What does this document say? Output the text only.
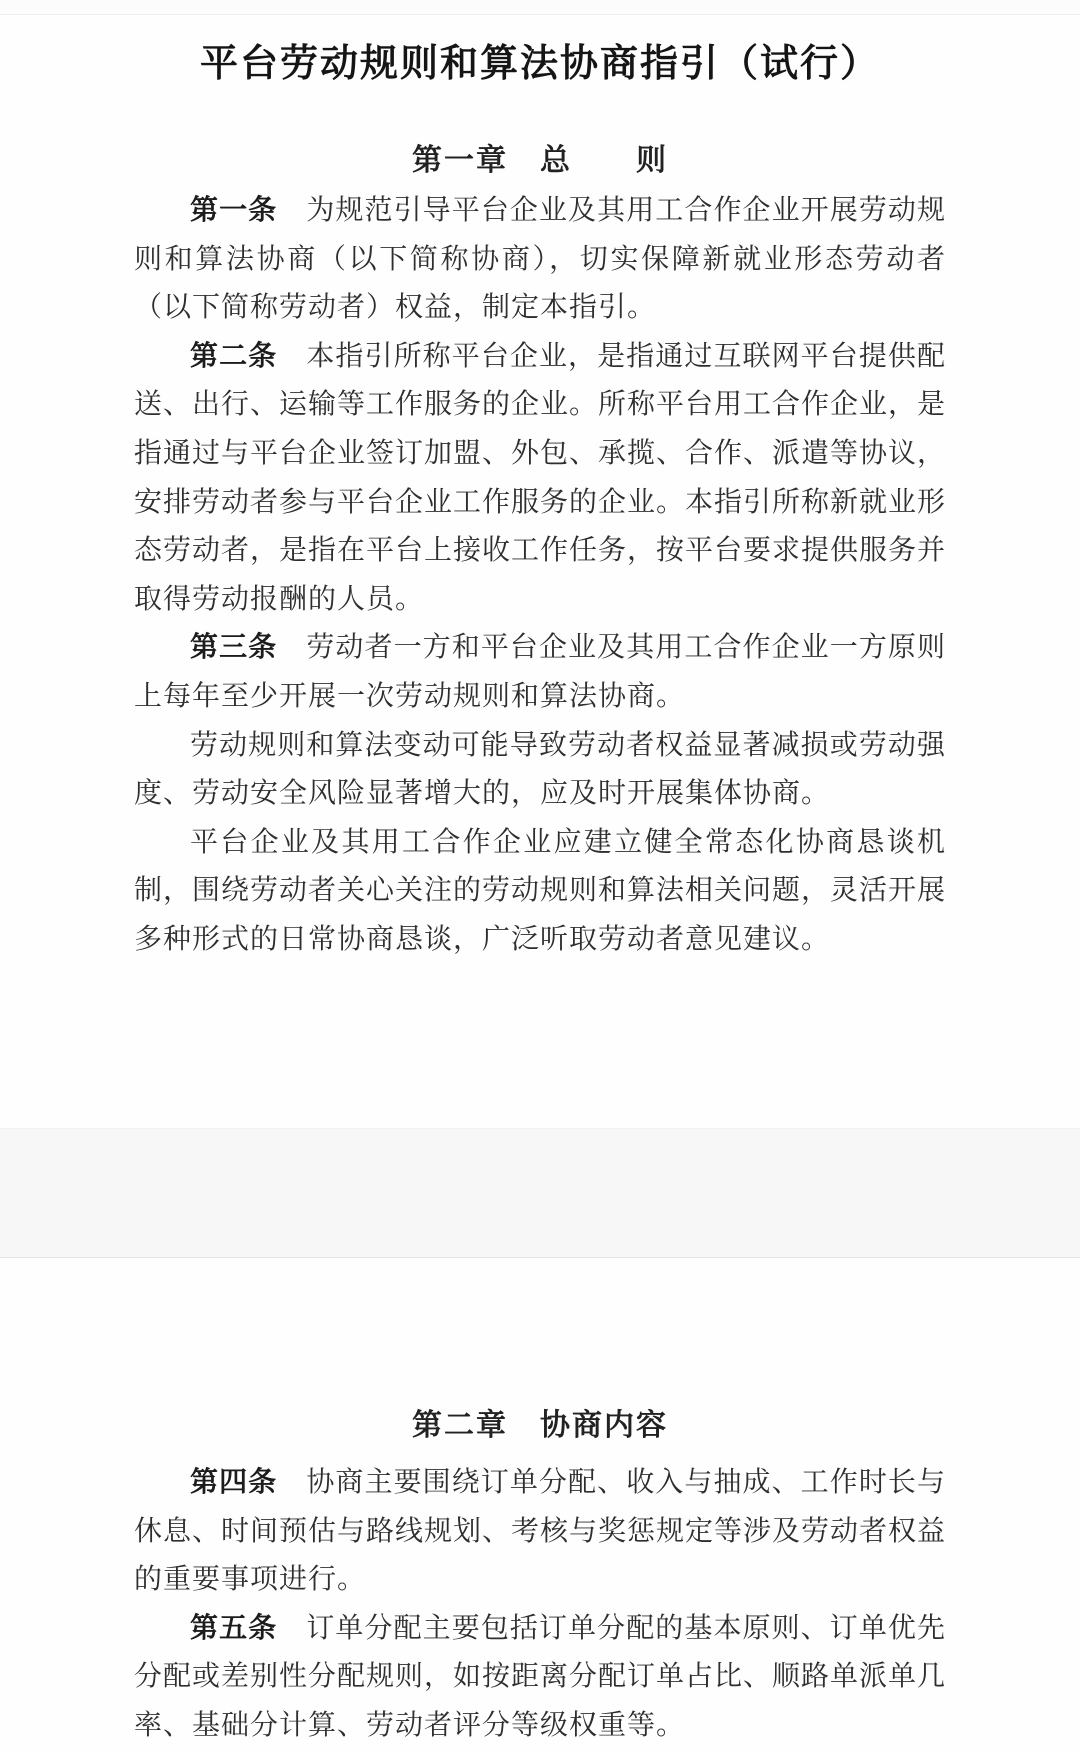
平台劳动规则和算法协商指引（试行）
第一章　总　　则

第一条 为规范引导平台企业及其用工合作企业开展劳动规则和算法协商（以下简称协商），切实保障新就业形态劳动者（以下简称劳动者）权益，制定本指引。

第二条 本指引所称平台企业，是指通过互联网平台提供配送、出行、运输等工作服务的企业。所称平台用工合作企业，是指通过与平台企业签订加盟、外包、承揽、合作、派遣等协议，安排劳动者参与平台企业工作服务的企业。本指引所称新就业形态劳动者，是指在平台上接收工作任务，按平台要求提供服务并取得劳动报酬的人员。

第三条 劳动者一方和平台企业及其用工合作企业一方原则上每年至少开展一次劳动规则和算法协商。

劳动规则和算法变动可能导致劳动者权益显著减损或劳动强度、劳动安全风险显著增大的，应及时开展集体协商。

平台企业及其用工合作企业应建立健全常态化协商恳谈机制，围绕劳动者关心关注的劳动规则和算法相关问题，灵活开展多种形式的日常协商恳谈，广泛听取劳动者意见建议。

第二章　协商内容

第四条 协商主要围绕订单分配、收入与抽成、工作时长与休息、时间预估与路线规划、考核与奖惩规定等涉及劳动者权益的重要事项进行。

第五条 订单分配主要包括订单分配的基本原则、订单优先分配或差别性分配规则，如按距离分配订单占比、顺路单派单几率、基础分计算、劳动者评分等级权重等。
